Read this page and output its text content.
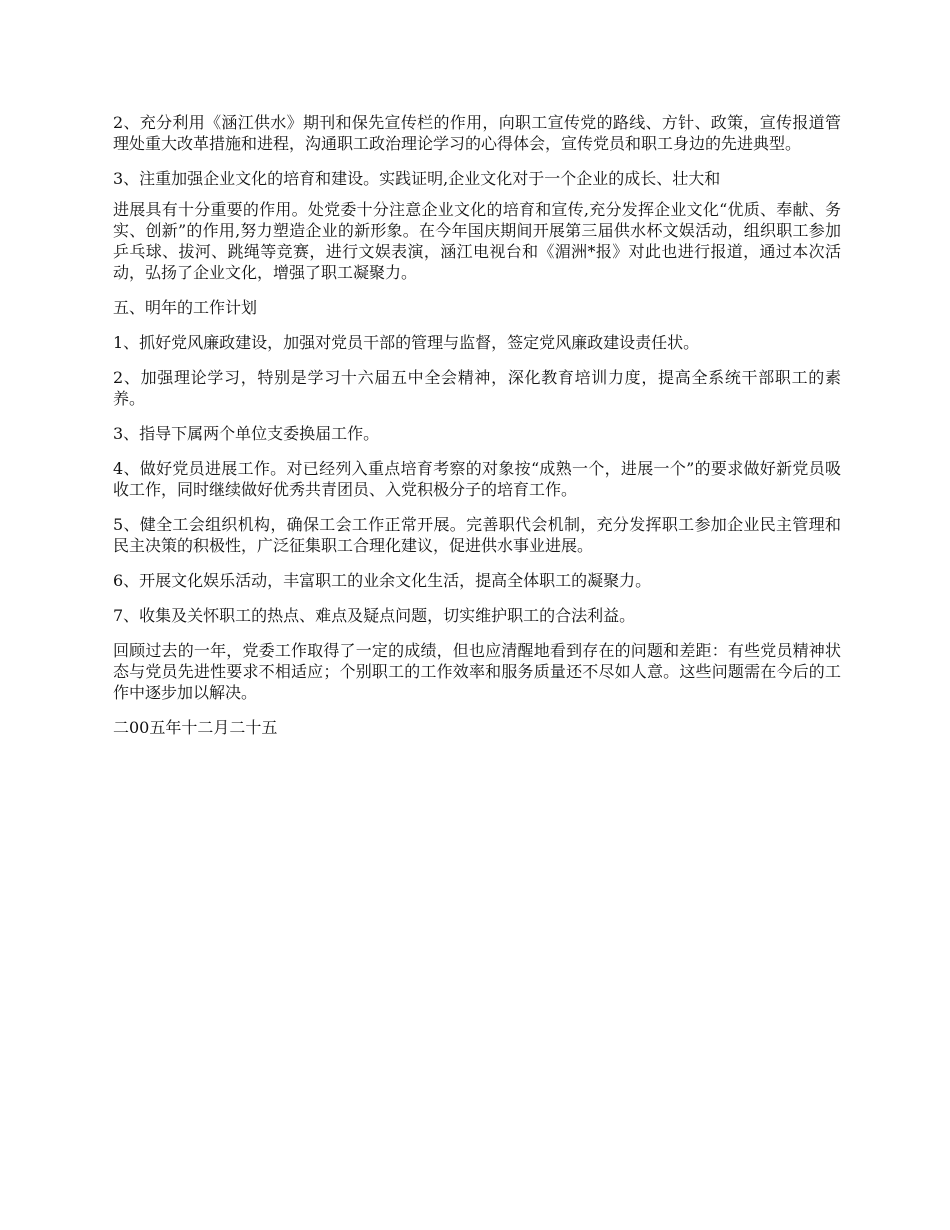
2、充分利用《涵江供水》期刊和保先宣传栏的作用，向职工宣传党的路线、方针、政策，宣传报道管理处重大改革措施和进程，沟通职工政治理论学习的心得体会，宣传党员和职工身边的先进典型。

3、注重加强企业文化的培育和建设。实践证明,企业文化对于一个企业的成长、壮大和

进展具有十分重要的作用。处党委十分注意企业文化的培育和宣传,充分发挥企业文化“优质、奉献、务实、创新”的作用,努力塑造企业的新形象。在今年国庆期间开展第三届供水杯文娱活动，组织职工参加乒乓球、拔河、跳绳等竞赛，进行文娱表演，涵江电视台和《湄洲*报》对此也进行报道，通过本次活动，弘扬了企业文化，增强了职工凝聚力。

五、明年的工作计划

1、抓好党风廉政建设，加强对党员干部的管理与监督，签定党风廉政建设责任状。

2、加强理论学习，特别是学习十六届五中全会精神，深化教育培训力度，提高全系统干部职工的素养。

3、指导下属两个单位支委换届工作。

4、做好党员进展工作。对已经列入重点培育考察的对象按“成熟一个，进展一个”的要求做好新党员吸收工作，同时继续做好优秀共青团员、入党积极分子的培育工作。

5、健全工会组织机构，确保工会工作正常开展。完善职代会机制，充分发挥职工参加企业民主管理和民主决策的积极性，广泛征集职工合理化建议，促进供水事业进展。

6、开展文化娱乐活动，丰富职工的业余文化生活，提高全体职工的凝聚力。

7、收集及关怀职工的热点、难点及疑点问题，切实维护职工的合法利益。

回顾过去的一年，党委工作取得了一定的成绩，但也应清醒地看到存在的问题和差距：有些党员精神状态与党员先进性要求不相适应；个别职工的工作效率和服务质量还不尽如人意。这些问题需在今后的工作中逐步加以解决。

二00五年十二月二十五
